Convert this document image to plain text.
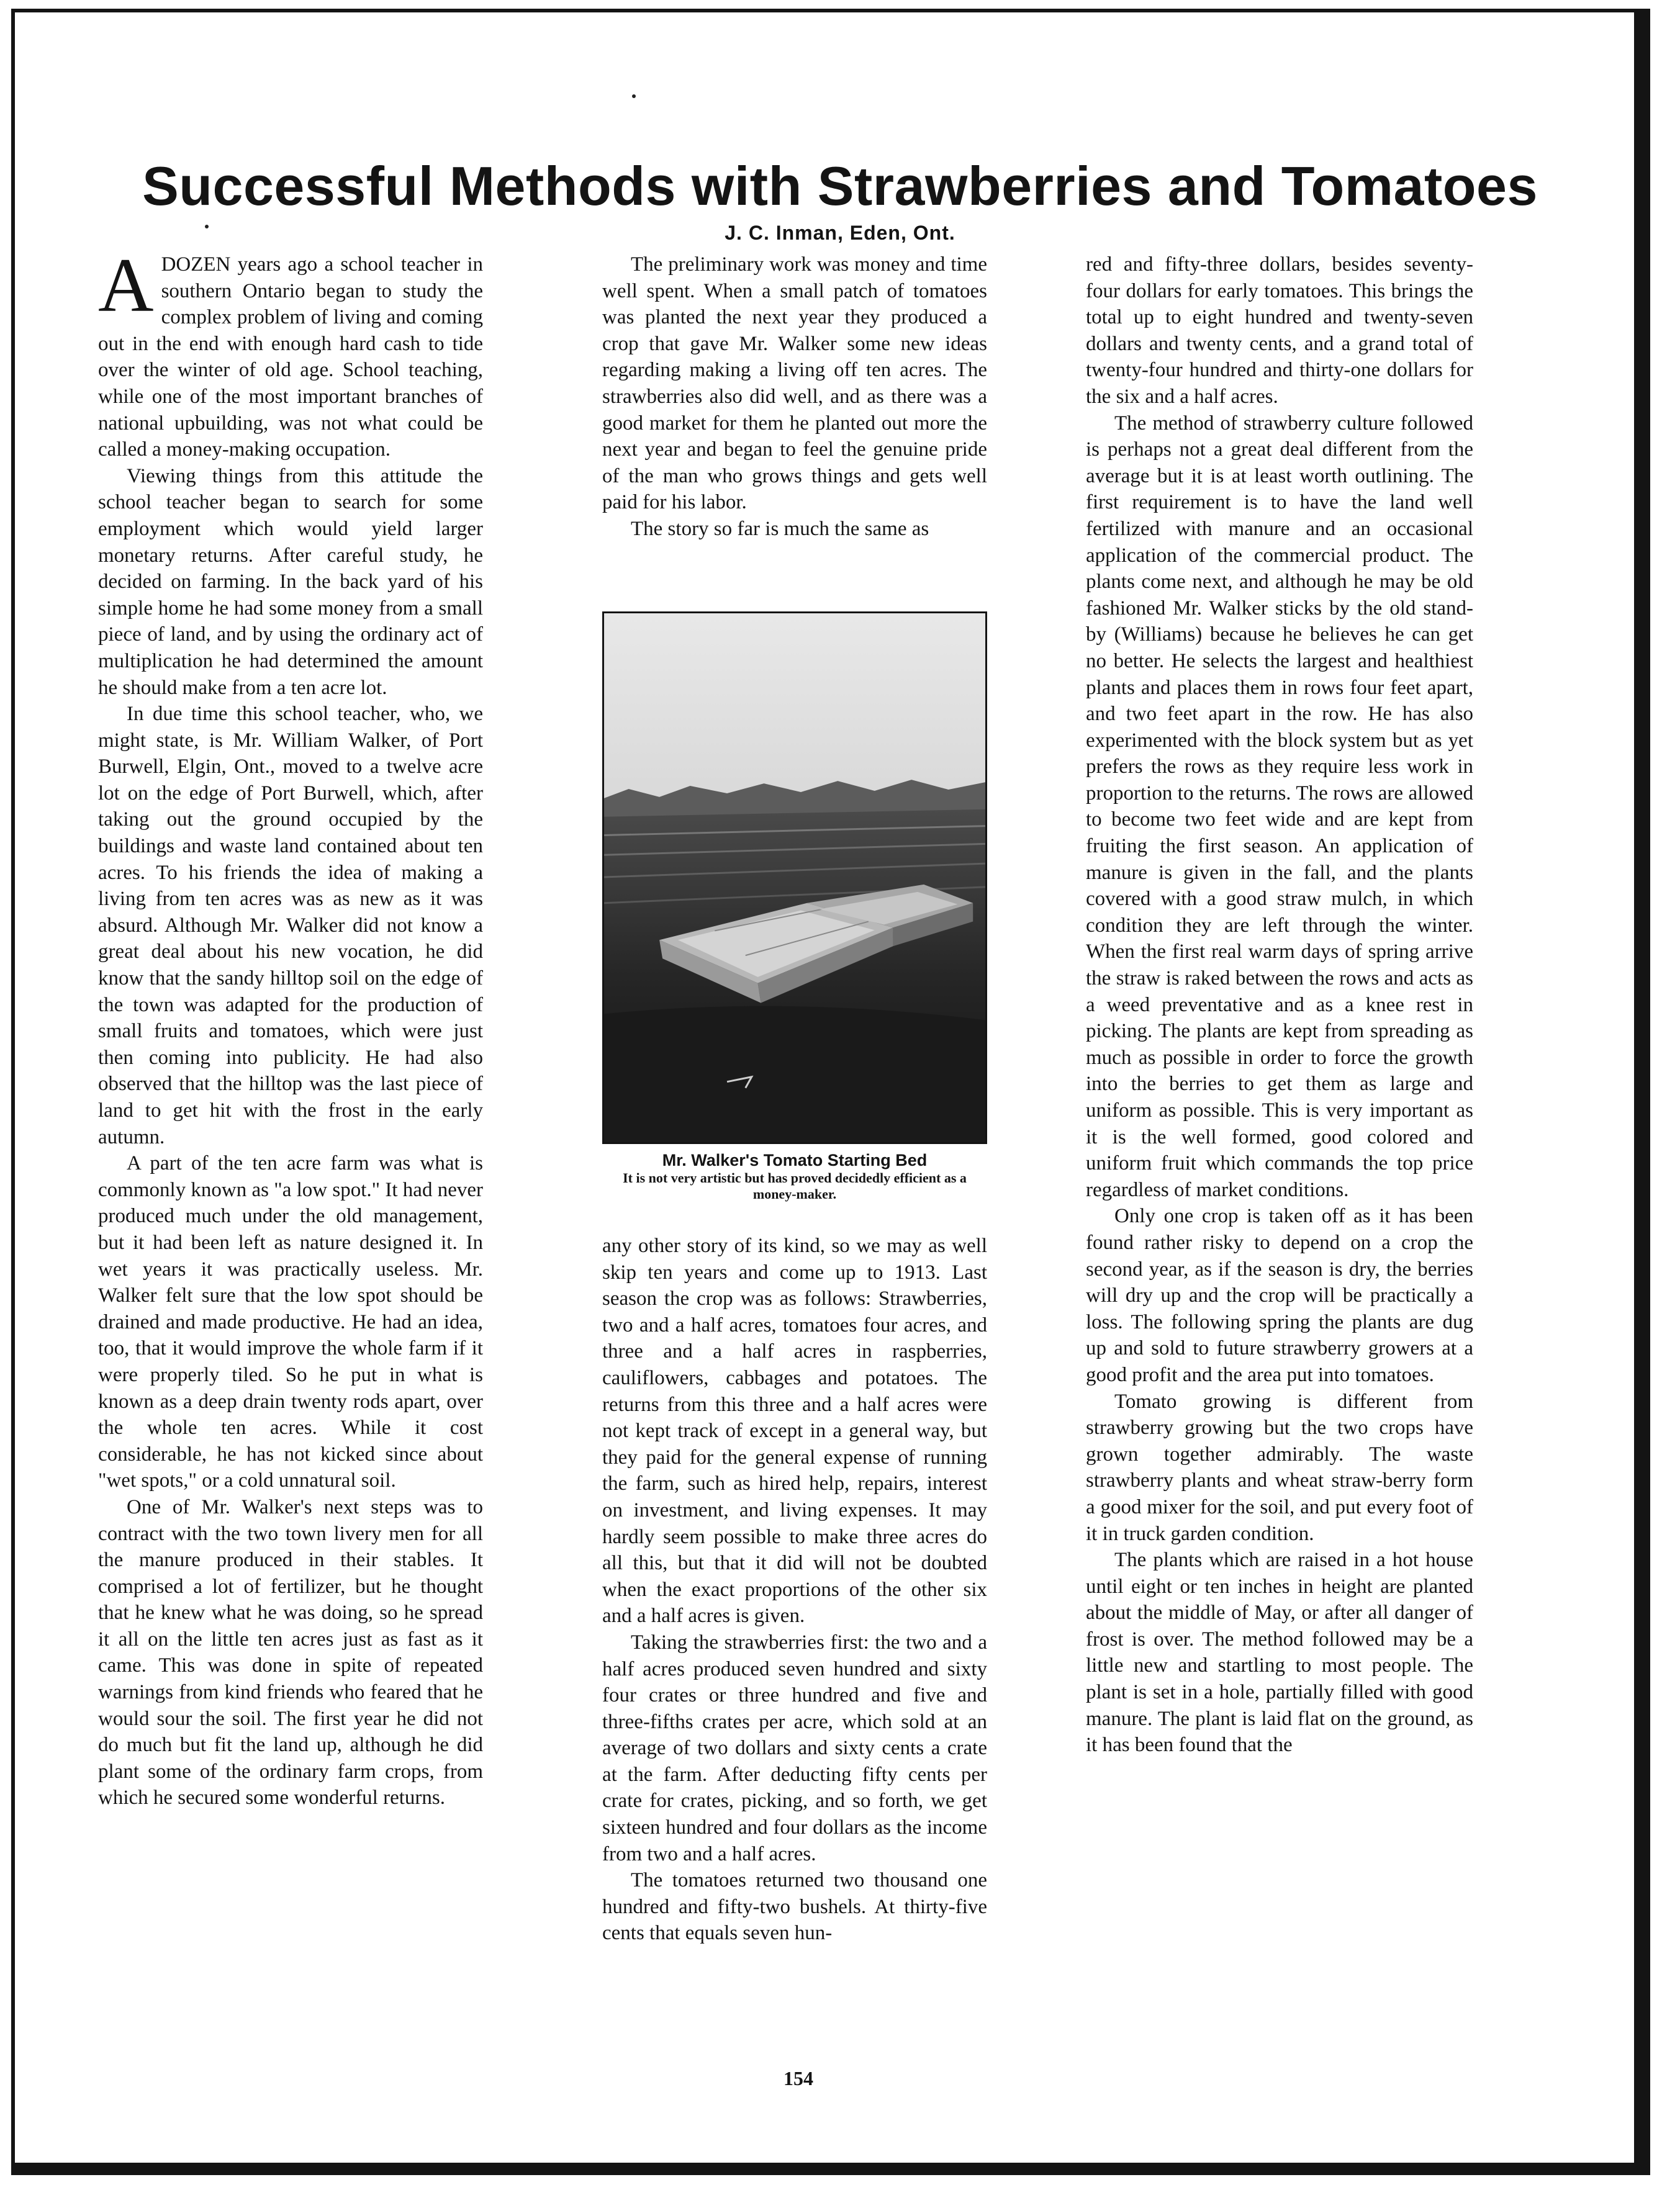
Successful Methods with Strawberries and Tomatoes
J. C. Inman, Eden, Ont.

A DOZEN years ago a school teacher in southern Ontario began to study the complex problem of living and coming out in the end with enough hard cash to tide over the winter of old age. School teaching, while one of the most important branches of national upbuilding, was not what could be called a money-making occupation.

Viewing things from this attitude the school teacher began to search for some employment which would yield larger monetary returns. After careful study, he decided on farming. In the back yard of his simple home he had some money from a small piece of land, and by using the ordinary act of multiplication he had determined the amount he should make from a ten acre lot.

In due time this school teacher, who, we might state, is Mr. William Walker, of Port Burwell, Elgin, Ont., moved to a twelve acre lot on the edge of Port Burwell, which, after taking out the ground occupied by the buildings and waste land contained about ten acres. To his friends the idea of making a living from ten acres was as new as it was absurd. Although Mr. Walker did not know a great deal about his new vocation, he did know that the sandy hilltop soil on the edge of the town was adapted for the production of small fruits and tomatoes, which were just then coming into publicity. He had also observed that the hilltop was the last piece of land to get hit with the frost in the early autumn.

A part of the ten acre farm was what is commonly known as "a low spot." It had never produced much under the old management, but it had been left as nature designed it. In wet years it was practically useless. Mr. Walker felt sure that the low spot should be drained and made productive. He had an idea, too, that it would improve the whole farm if it were properly tiled. So he put in what is known as a deep drain twenty rods apart, over the whole ten acres. While it cost considerable, he has not kicked since about "wet spots," or a cold unnatural soil.

One of Mr. Walker's next steps was to contract with the two town livery men for all the manure produced in their stables. It comprised a lot of fertilizer, but he thought that he knew what he was doing, so he spread it all on the little ten acres just as fast as it came. This was done in spite of repeated warnings from kind friends who feared that he would sour the soil. The first year he did not do much but fit the land up, although he did plant some of the ordinary farm crops, from which he secured some wonderful returns.

The preliminary work was money and time well spent. When a small patch of tomatoes was planted the next year they produced a crop that gave Mr. Walker some new ideas regarding making a living off ten acres. The strawberries also did well, and as there was a good market for them he planted out more the next year and began to feel the genuine pride of the man who grows things and gets well paid for his labor.

The story so far is much the same as

Mr. Walker's Tomato Starting Bed
It is not very artistic but has proved decidedly efficient as a money-maker.

any other story of its kind, so we may as well skip ten years and come up to 1913. Last season the crop was as follows: Strawberries, two and a half acres, tomatoes four acres, and three and a half acres in raspberries, cauliflowers, cabbages and potatoes. The returns from this three and a half acres were not kept track of except in a general way, but they paid for the general expense of running the farm, such as hired help, repairs, interest on investment, and living expenses. It may hardly seem possible to make three acres do all this, but that it did will not be doubted when the exact proportions of the other six and a half acres is given.

Taking the strawberries first: the two and a half acres produced seven hundred and sixty four crates or three hundred and five and three-fifths crates per acre, which sold at an average of two dollars and sixty cents a crate at the farm. After deducting fifty cents per crate for crates, picking, and so forth, we get sixteen hundred and four dollars as the income from two and a half acres.

The tomatoes returned two thousand one hundred and fifty-two bushels. At thirty-five cents that equals seven hun-

red and fifty-three dollars, besides seventy-four dollars for early tomatoes. This brings the total up to eight hundred and twenty-seven dollars and twenty cents, and a grand total of twenty-four hundred and thirty-one dollars for the six and a half acres.

The method of strawberry culture followed is perhaps not a great deal different from the average but it is at least worth outlining. The first requirement is to have the land well fertilized with manure and an occasional application of the commercial product. The plants come next, and although he may be old fashioned Mr. Walker sticks by the old stand-by (Williams) because he believes he can get no better. He selects the largest and healthiest plants and places them in rows four feet apart, and two feet apart in the row. He has also experimented with the block system but as yet prefers the rows as they require less work in proportion to the returns. The rows are allowed to become two feet wide and are kept from fruiting the first season. An application of manure is given in the fall, and the plants covered with a good straw mulch, in which condition they are left through the winter. When the first real warm days of spring arrive the straw is raked between the rows and acts as a weed preventative and as a knee rest in picking. The plants are kept from spreading as much as possible in order to force the growth into the berries to get them as large and uniform as possible. This is very important as it is the well formed, good colored and uniform fruit which commands the top price regardless of market conditions.

Only one crop is taken off as it has been found rather risky to depend on a crop the second year, as if the season is dry, the berries will dry up and the crop will be practically a loss. The following spring the plants are dug up and sold to future strawberry growers at a good profit and the area put into tomatoes.

Tomato growing is different from strawberry growing but the two crops have grown together admirably. The waste strawberry plants and wheat straw-berry form a good mixer for the soil, and put every foot of it in truck garden condition.

The plants which are raised in a hot house until eight or ten inches in height are planted about the middle of May, or after all danger of frost is over. The method followed may be a little new and startling to most people. The plant is set in a hole, partially filled with good manure. The plant is laid flat on the ground, as it has been found that the

154
